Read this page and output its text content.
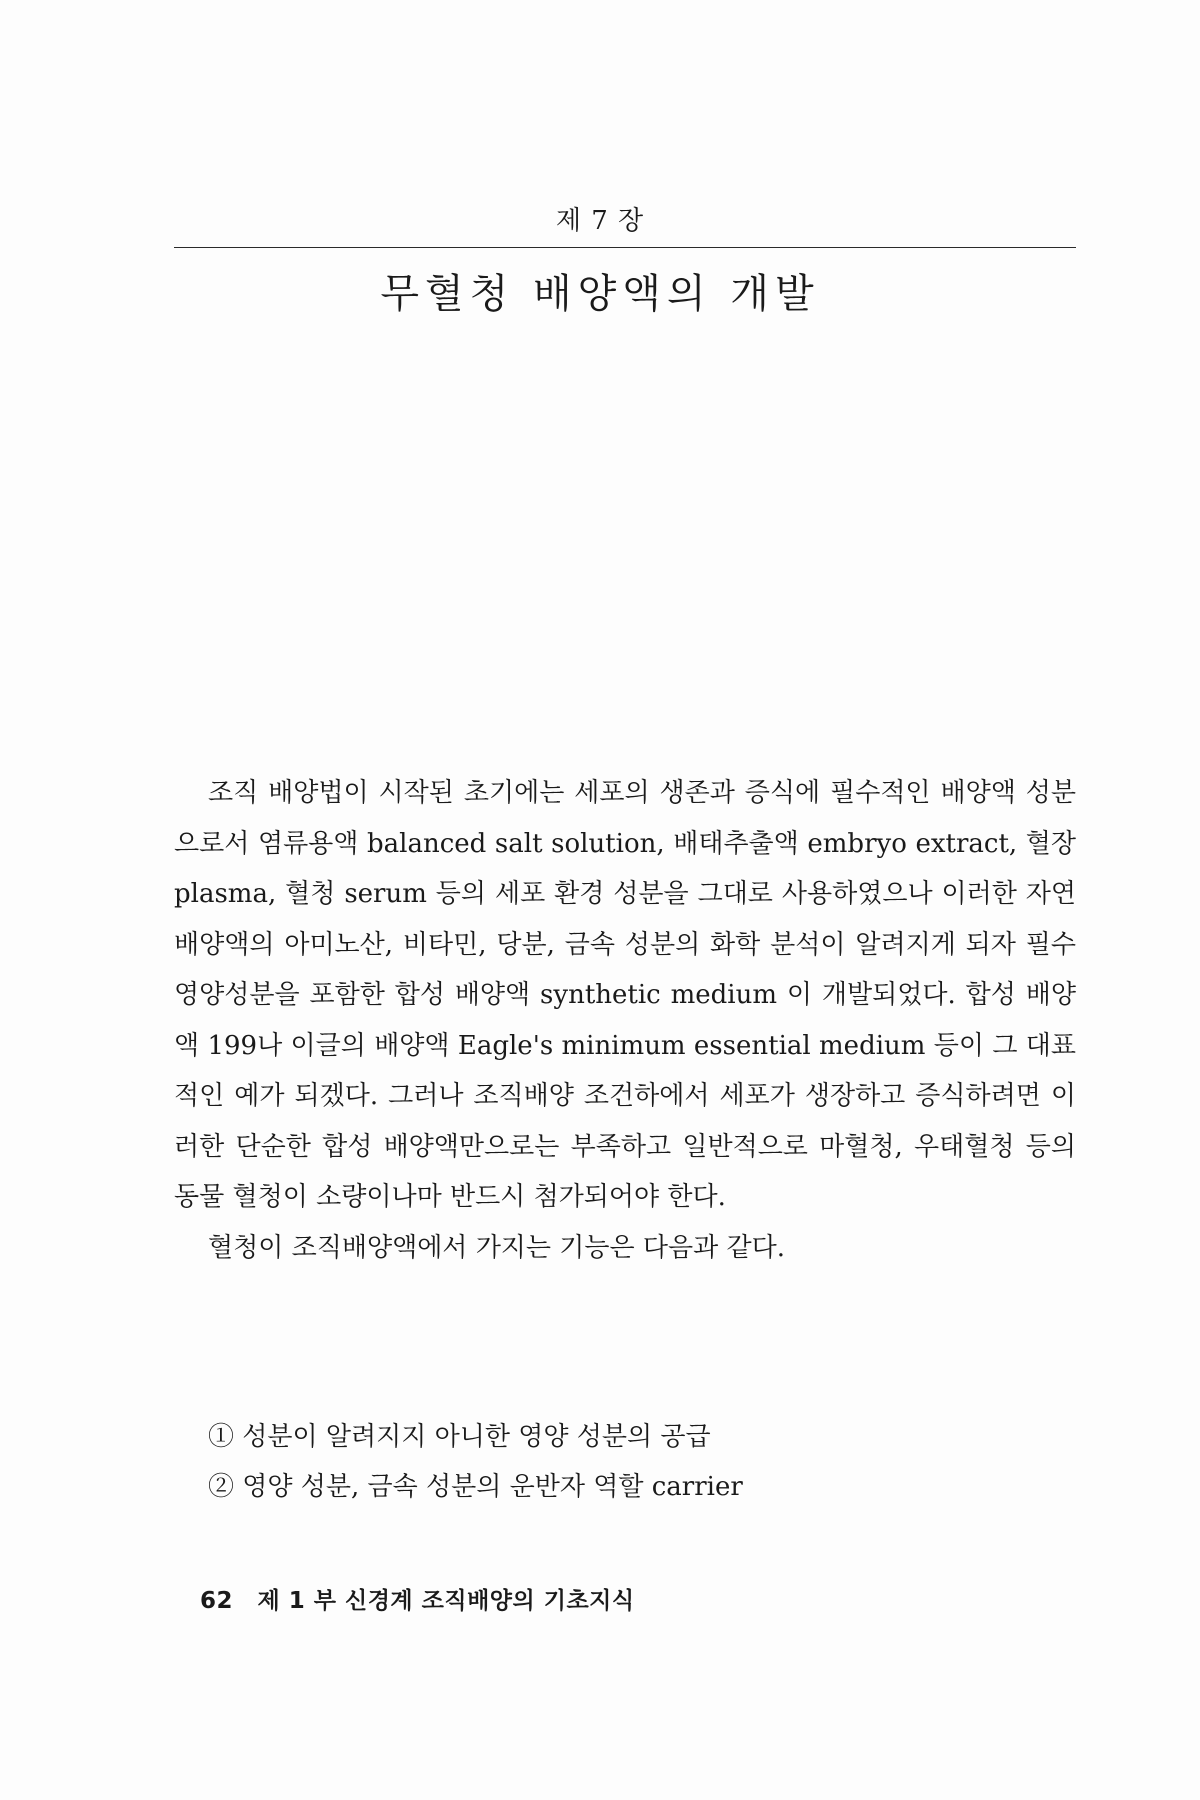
제 7 장
무혈청 배양액의 개발

조직 배양법이 시작된 초기에는 세포의 생존과 증식에 필수적인 배양액 성분으로서 염류용액 balanced salt solution, 배태추출액 embryo extract, 혈장 plasma, 혈청 serum 등의 세포 환경 성분을 그대로 사용하였으나 이러한 자연배양액의 아미노산, 비타민, 당분, 금속 성분의 화학 분석이 알려지게 되자 필수영양성분을 포함한 합성 배양액 synthetic medium 이 개발되었다. 합성 배양액 199나 이글의 배양액 Eagle's minimum essential medium 등이 그 대표적인 예가 되겠다. 그러나 조직배양 조건하에서 세포가 생장하고 증식하려면 이러한 단순한 합성 배양액만으로는 부족하고 일반적으로 마혈청, 우태혈청 등의 동물 혈청이 소량이나마 반드시 첨가되어야 한다.

혈청이 조직배양액에서 가지는 기능은 다음과 같다.

① 성분이 알려지지 아니한 영양 성분의 공급
② 영양 성분, 금속 성분의 운반자 역할 carrier
62 제 1 부 신경계 조직배양의 기초지식
